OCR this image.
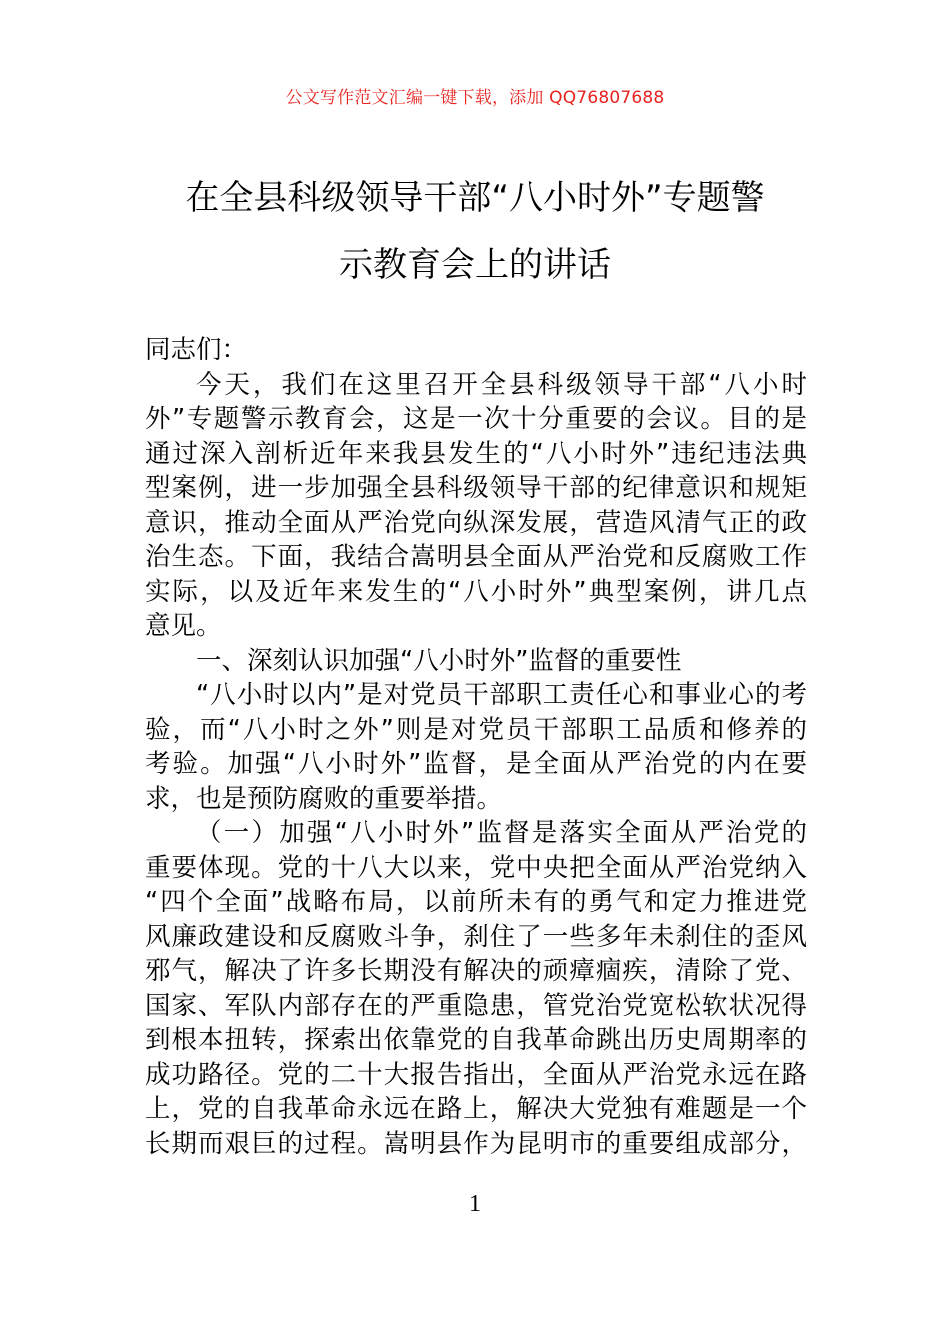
公文写作范文汇编一键下载，添加 QQ76807688
在全县科级领导干部“八小时外”专题警
示教育会上的讲话
同志们：
今天，我们在这里召开全县科级领导干部“八小时
外”专题警示教育会，这是一次十分重要的会议。目的是
通过深入剖析近年来我县发生的“八小时外”违纪违法典
型案例，进一步加强全县科级领导干部的纪律意识和规矩
意识，推动全面从严治党向纵深发展，营造风清气正的政
治生态。下面，我结合嵩明县全面从严治党和反腐败工作
实际，以及近年来发生的“八小时外”典型案例，讲几点
意见。
一、深刻认识加强“八小时外”监督的重要性
“八小时以内”是对党员干部职工责任心和事业心的考
验，而“八小时之外”则是对党员干部职工品质和修养的
考验。加强“八小时外”监督，是全面从严治党的内在要
求，也是预防腐败的重要举措。
（一）加强“八小时外”监督是落实全面从严治党的
重要体现。党的十八大以来，党中央把全面从严治党纳入
“四个全面”战略布局，以前所未有的勇气和定力推进党
风廉政建设和反腐败斗争，刹住了一些多年未刹住的歪风
邪气，解决了许多长期没有解决的顽瘴痼疾，清除了党、
国家、军队内部存在的严重隐患，管党治党宽松软状况得
到根本扭转，探索出依靠党的自我革命跳出历史周期率的
成功路径。党的二十大报告指出，全面从严治党永远在路
上，党的自我革命永远在路上，解决大党独有难题是一个
长期而艰巨的过程。嵩明县作为昆明市的重要组成部分，
1
